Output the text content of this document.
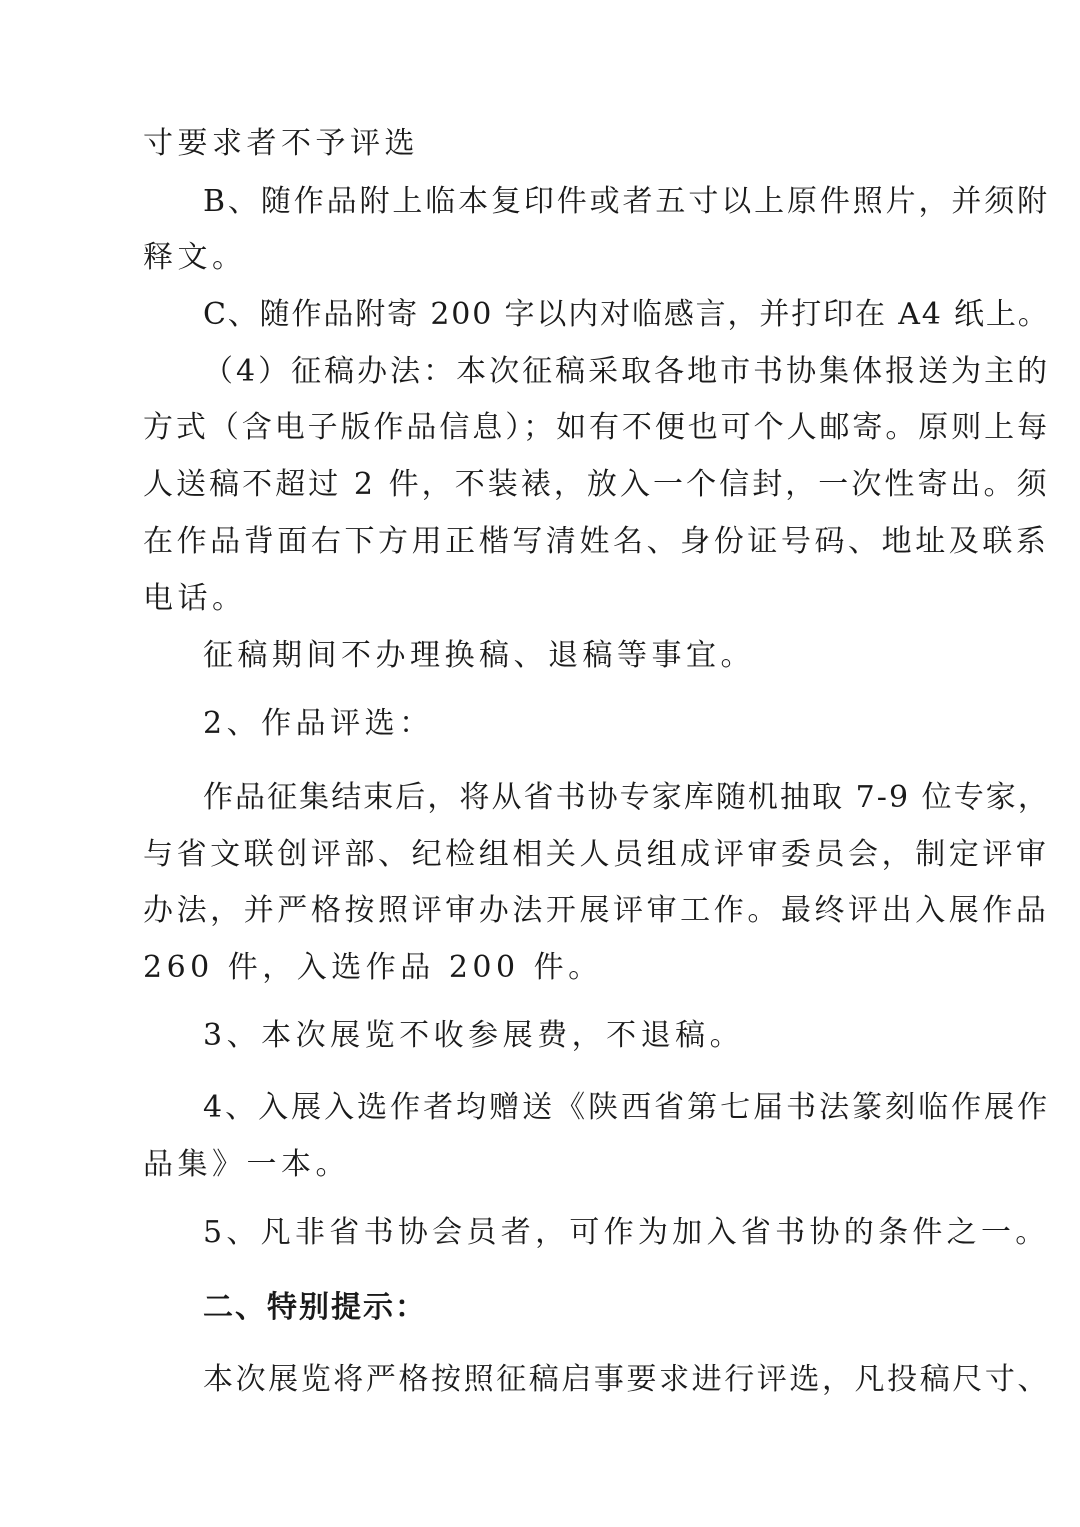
寸要求者不予评选
B、随作品附上临本复印件或者五寸以上原件照片，并须附
释文。
C、随作品附寄 200 字以内对临感言，并打印在 A4 纸上。
（4）征稿办法：本次征稿采取各地市书协集体报送为主的
方式（含电子版作品信息）；如有不便也可个人邮寄。原则上每
人送稿不超过 2 件，不装裱，放入一个信封，一次性寄出。须
在作品背面右下方用正楷写清姓名、身份证号码、地址及联系
电话。
征稿期间不办理换稿、退稿等事宜。
2、作品评选：
作品征集结束后，将从省书协专家库随机抽取 7-9 位专家，
与省文联创评部、纪检组相关人员组成评审委员会，制定评审
办法，并严格按照评审办法开展评审工作。最终评出入展作品
260 件，入选作品 200 件。
3、本次展览不收参展费，不退稿。
4、入展入选作者均赠送《陕西省第七届书法篆刻临作展作
品集》一本。
5、凡非省书协会员者，可作为加入省书协的条件之一。
二、特别提示：
本次展览将严格按照征稿启事要求进行评选，凡投稿尺寸、
